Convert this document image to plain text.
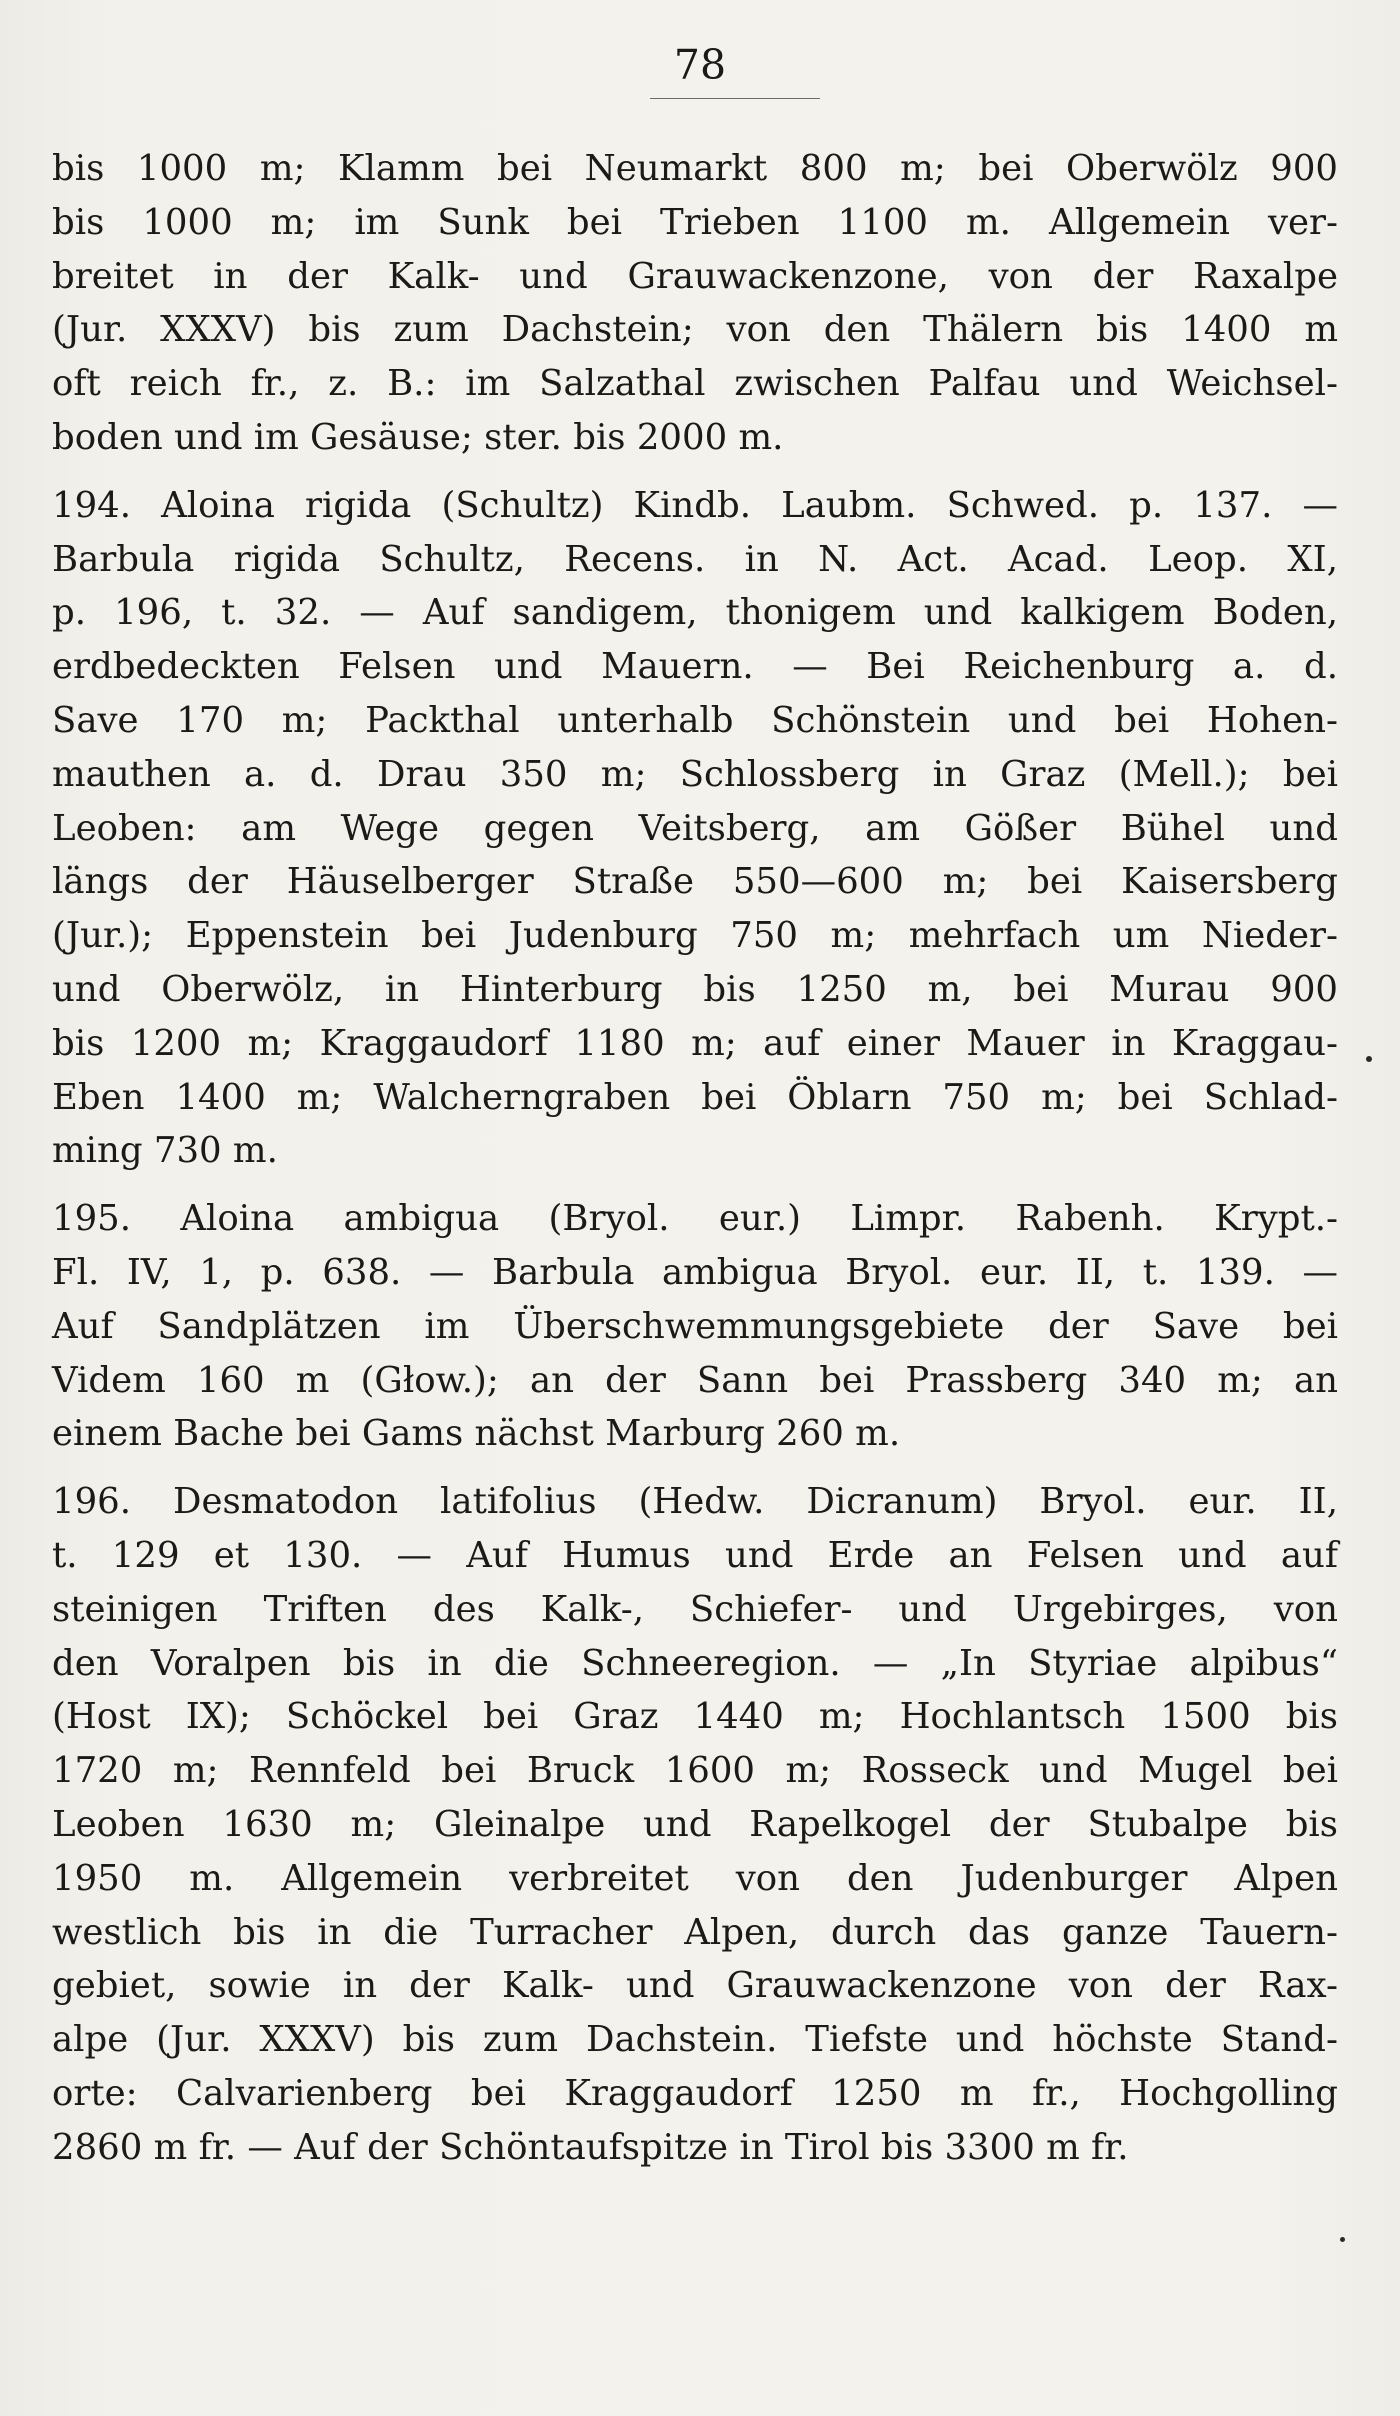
78
bis 1000 m; Klamm bei Neumarkt 800 m; bei Oberwölz 900
bis 1000 m; im Sunk bei Trieben 1100 m. Allgemein ver-
breitet in der Kalk- und Grauwackenzone, von der Raxalpe
(Jur. XXXV) bis zum Dachstein; von den Thälern bis 1400 m
oft reich fr., z. B.: im Salzathal zwischen Palfau und Weichsel-
boden und im Gesäuse; ster. bis 2000 m.
194. Aloina rigida (Schultz) Kindb. Laubm. Schwed. p. 137. —
Barbula rigida Schultz, Recens. in N. Act. Acad. Leop. XI,
p. 196, t. 32. — Auf sandigem, thonigem und kalkigem Boden,
erdbedeckten Felsen und Mauern. — Bei Reichenburg a. d.
Save 170 m; Packthal unterhalb Schönstein und bei Hohen-
mauthen a. d. Drau 350 m; Schlossberg in Graz (Mell.); bei
Leoben: am Wege gegen Veitsberg, am Gößer Bühel und
längs der Häuselberger Straße 550—600 m; bei Kaisersberg
(Jur.); Eppenstein bei Judenburg 750 m; mehrfach um Nieder-
und Oberwölz, in Hinterburg bis 1250 m, bei Murau 900
bis 1200 m; Kraggaudorf 1180 m; auf einer Mauer in Kraggau-
Eben 1400 m; Walcherngraben bei Öblarn 750 m; bei Schlad-
ming 730 m.
195. Aloina ambigua (Bryol. eur.) Limpr. Rabenh. Krypt.-
Fl. IV, 1, p. 638. — Barbula ambigua Bryol. eur. II, t. 139. —
Auf Sandplätzen im Überschwemmungsgebiete der Save bei
Videm 160 m (Głow.); an der Sann bei Prassberg 340 m; an
einem Bache bei Gams nächst Marburg 260 m.
196. Desmatodon latifolius (Hedw. Dicranum) Bryol. eur. II,
t. 129 et 130. — Auf Humus und Erde an Felsen und auf
steinigen Triften des Kalk-, Schiefer- und Urgebirges, von
den Voralpen bis in die Schneeregion. — „In Styriae alpibus“
(Host IX); Schöckel bei Graz 1440 m; Hochlantsch 1500 bis
1720 m; Rennfeld bei Bruck 1600 m; Rosseck und Mugel bei
Leoben 1630 m; Gleinalpe und Rapelkogel der Stubalpe bis
1950 m. Allgemein verbreitet von den Judenburger Alpen
westlich bis in die Turracher Alpen, durch das ganze Tauern-
gebiet, sowie in der Kalk- und Grauwackenzone von der Rax-
alpe (Jur. XXXV) bis zum Dachstein. Tiefste und höchste Stand-
orte: Calvarienberg bei Kraggaudorf 1250 m fr., Hochgolling
2860 m fr. — Auf der Schöntaufspitze in Tirol bis 3300 m fr.
